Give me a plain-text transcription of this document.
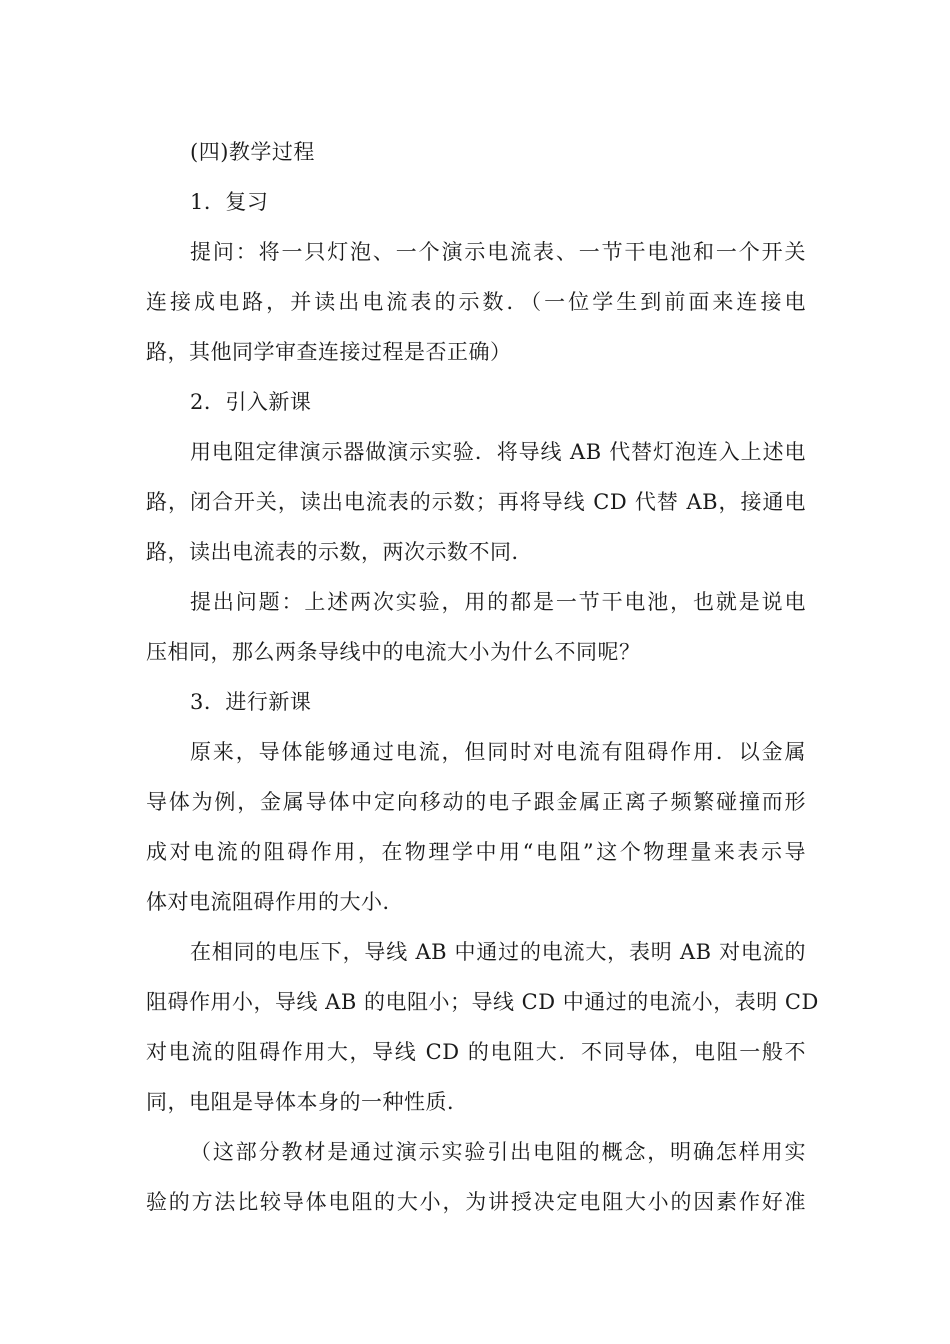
(四)教学过程
1．复习
提问：将一只灯泡、一个演示电流表、一节干电池和一个开关
连接成电路，并读出电流表的示数．（一位学生到前面来连接电
路，其他同学审查连接过程是否正确）
2．引入新课
用电阻定律演示器做演示实验．将导线 AB 代替灯泡连入上述电
路，闭合开关，读出电流表的示数；再将导线 CD 代替 AB，接通电
路，读出电流表的示数，两次示数不同．
提出问题：上述两次实验，用的都是一节干电池，也就是说电
压相同，那么两条导线中的电流大小为什么不同呢？
3．进行新课
原来，导体能够通过电流，但同时对电流有阻碍作用．以金属
导体为例，金属导体中定向移动的电子跟金属正离子频繁碰撞而形
成对电流的阻碍作用，在物理学中用“电阻”这个物理量来表示导
体对电流阻碍作用的大小．
在相同的电压下，导线 AB 中通过的电流大，表明 AB 对电流的
阻碍作用小，导线 AB 的电阻小；导线 CD 中通过的电流小，表明 CD
对电流的阻碍作用大，导线 CD 的电阻大．不同导体，电阻一般不
同，电阻是导体本身的一种性质．
（这部分教材是通过演示实验引出电阻的概念，明确怎样用实
验的方法比较导体电阻的大小，为讲授决定电阻大小的因素作好准
